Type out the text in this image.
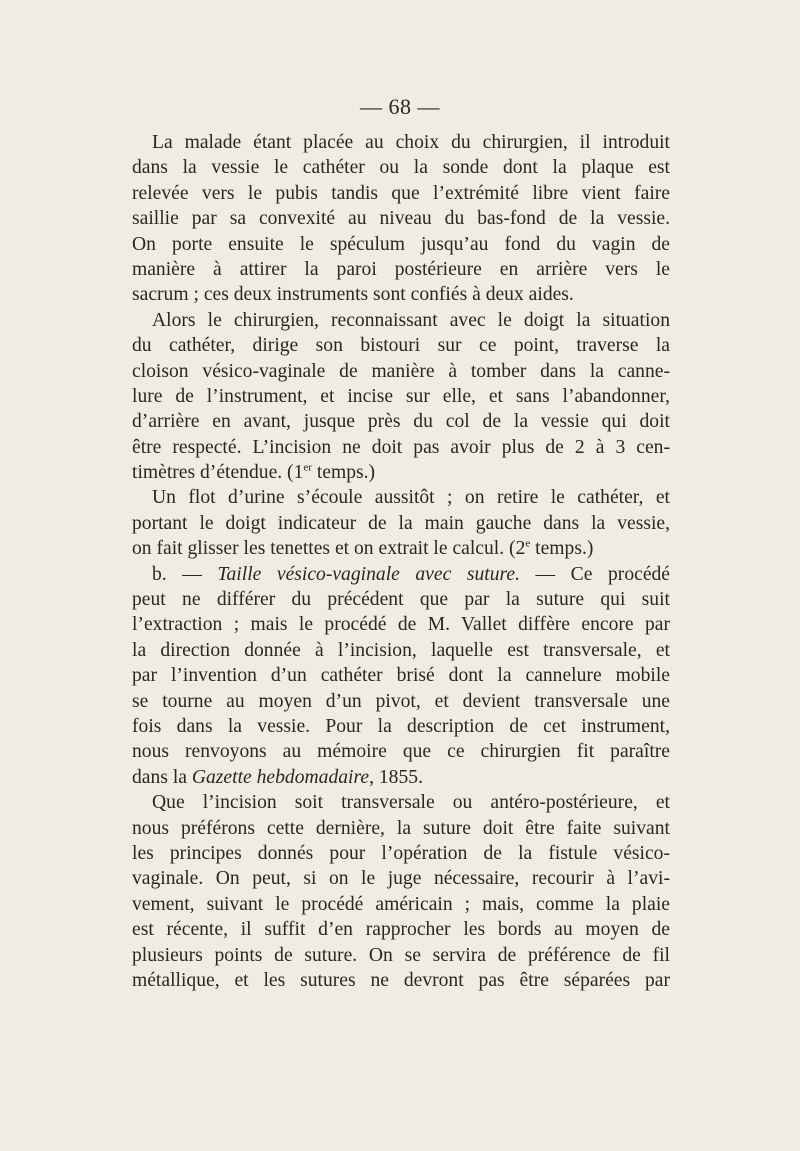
— 68 —
La malade étant placée au choix du chirurgien, il introduit
dans la vessie le cathéter ou la sonde dont la plaque est
relevée vers le pubis tandis que l’extrémité libre vient faire
saillie par sa convexité au niveau du bas-fond de la vessie.
On porte ensuite le spéculum jusqu’au fond du vagin de
manière à attirer la paroi postérieure en arrière vers le
sacrum ; ces deux instruments sont confiés à deux aides.
Alors le chirurgien, reconnaissant avec le doigt la situation
du cathéter, dirige son bistouri sur ce point, traverse la
cloison vésico-vaginale de manière à tomber dans la canne-
lure de l’instrument, et incise sur elle, et sans l’abandonner,
d’arrière en avant, jusque près du col de la vessie qui doit
être respecté. L’incision ne doit pas avoir plus de 2 à 3 cen-
timètres d’étendue. (1er temps.)
Un flot d’urine s’écoule aussitôt ; on retire le cathéter, et
portant le doigt indicateur de la main gauche dans la vessie,
on fait glisser les tenettes et on extrait le calcul. (2e temps.)
b. — Taille vésico-vaginale avec suture. — Ce procédé
peut ne différer du précédent que par la suture qui suit
l’extraction ; mais le procédé de M. Vallet diffère encore par
la direction donnée à l’incision, laquelle est transversale, et
par l’invention d’un cathéter brisé dont la cannelure mobile
se tourne au moyen d’un pivot, et devient transversale une
fois dans la vessie. Pour la description de cet instrument,
nous renvoyons au mémoire que ce chirurgien fit paraître
dans la Gazette hebdomadaire, 1855.
Que l’incision soit transversale ou antéro-postérieure, et
nous préférons cette dernière, la suture doit être faite suivant
les principes donnés pour l’opération de la fistule vésico-
vaginale. On peut, si on le juge nécessaire, recourir à l’avi-
vement, suivant le procédé américain ; mais, comme la plaie
est récente, il suffit d’en rapprocher les bords au moyen de
plusieurs points de suture. On se servira de préférence de fil
métallique, et les sutures ne devront pas être séparées par
